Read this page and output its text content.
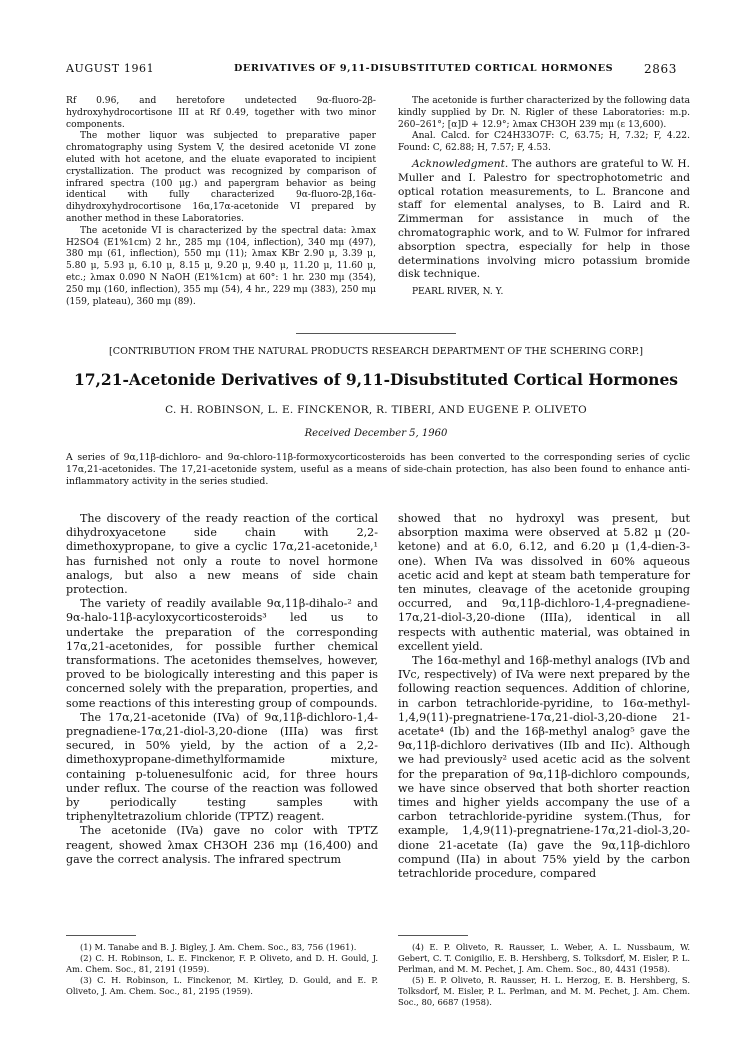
AUGUST 1961	DERIVATIVES OF 9,11-DISUBSTITUTED CORTICAL HORMONES	2863

Rf 0.96, and heretofore undetected 9α-fluoro-2β-hydroxyhydrocortisone III at Rf 0.49, together with two minor components.

The mother liquor was subjected to preparative paper chromatography using System V, the desired acetonide VI zone eluted with hot acetone, and the eluate evaporated to incipient crystallization. The product was recognized by comparison of infrared spectra (100 μg.) and papergram behavior as being identical with fully characterized 9α-fluoro-2β,16α-dihydroxyhydrocortisone 16α,17α-acetonide VI prepared by another method in these Laboratories.

The acetonide VI is characterized by the spectral data: λmax H2SO4 (E1%1cm) 2 hr., 285 mμ (104, inflection), 340 mμ (497), 380 mμ (61, inflection), 550 mμ (11); λmax KBr 2.90 μ, 3.39 μ, 5.80 μ, 5.93 μ, 6.10 μ, 8.15 μ, 9.20 μ, 9.40 μ, 11.20 μ, 11.60 μ, etc.; λmax 0.090 N NaOH (E1%1cm) at 60°: 1 hr. 230 mμ (354), 250 mμ (160, inflection), 355 mμ (54), 4 hr., 229 mμ (383), 250 mμ (159, plateau), 360 mμ (89).

The acetonide is further characterized by the following data kindly supplied by Dr. N. Rigler of these Laboratories: m.p. 260–261°; [α]D + 12.9°; λmax CH3OH 239 mμ (ε 13,600).

Anal. Calcd. for C24H33O7F: C, 63.75; H, 7.32; F, 4.22. Found: C, 62.88; H, 7.57; F, 4.53.

Acknowledgment. The authors are grateful to W. H. Muller and I. Palestro for spectrophotometric and optical rotation measurements, to L. Brancone and staff for elemental analyses, to B. Laird and R. Zimmerman for assistance in much of the chromatographic work, and to W. Fulmor for infrared absorption spectra, especially for help in those determinations involving micro potassium bromide disk technique.

PEARL RIVER, N. Y.

[CONTRIBUTION FROM THE NATURAL PRODUCTS RESEARCH DEPARTMENT OF THE SCHERING CORP.]
17,21-Acetonide Derivatives of 9,11-Disubstituted Cortical Hormones
C. H. ROBINSON, L. E. FINCKENOR, R. TIBERI, AND EUGENE P. OLIVETO
Received December 5, 1960
A series of 9α,11β-dichloro- and 9α-chloro-11β-formoxycorticosteroids has been converted to the corresponding series of cyclic 17α,21-acetonides. The 17,21-acetonide system, useful as a means of side-chain protection, has also been found to enhance anti-inflammatory activity in the series studied.

The discovery of the ready reaction of the cortical dihydroxyacetone side chain with 2,2-dimethoxypropane, to give a cyclic 17α,21-acetonide,¹ has furnished not only a route to novel hormone analogs, but also a new means of side chain protection.

The variety of readily available 9α,11β-dihalo-² and 9α-halo-11β-acyloxycorticosteroids³ led us to undertake the preparation of the corresponding 17α,21-acetonides, for possible further chemical transformations. The acetonides themselves, however, proved to be biologically interesting and this paper is concerned solely with the preparation, properties, and some reactions of this interesting group of compounds.

The 17α,21-acetonide (IVa) of 9α,11β-dichloro-1,4-pregnadiene-17α,21-diol-3,20-dione (IIIa) was first secured, in 50% yield, by the action of a 2,2-dimethoxypropane-dimethylformamide mixture, containing p-toluenesulfonic acid, for three hours under reflux. The course of the reaction was followed by periodically testing samples with triphenyltetrazolium chloride (TPTZ) reagent.

The acetonide (IVa) gave no color with TPTZ reagent, showed λmax CH3OH 236 mμ (16,400) and gave the correct analysis. The infrared spectrum

showed that no hydroxyl was present, but absorption maxima were observed at 5.82 μ (20-ketone) and at 6.0, 6.12, and 6.20 μ (1,4-dien-3-one). When IVa was dissolved in 60% aqueous acetic acid and kept at steam bath temperature for ten minutes, cleavage of the acetonide grouping occurred, and 9α,11β-dichloro-1,4-pregnadiene-17α,21-diol-3,20-dione (IIIa), identical in all respects with authentic material, was obtained in excellent yield.

The 16α-methyl and 16β-methyl analogs (IVb and IVc, respectively) of IVa were next prepared by the following reaction sequences. Addition of chlorine, in carbon tetrachloride-pyridine, to 16α-methyl-1,4,9(11)-pregnatriene-17α,21-diol-3,20-dione 21-acetate⁴ (Ib) and the 16β-methyl analog⁵ gave the 9α,11β-dichloro derivatives (IIb and IIc). Although we had previously² used acetic acid as the solvent for the preparation of 9α,11β-dichloro compounds, we have since observed that both shorter reaction times and higher yields accompany the use of a carbon tetrachloride-pyridine system.(Thus, for example, 1,4,9(11)-pregnatriene-17α,21-diol-3,20-dione 21-acetate (Ia) gave the 9α,11β-dichloro compund (IIa) in about 75% yield by the carbon tetrachloride procedure, compared

(1) M. Tanabe and B. J. Bigley, J. Am. Chem. Soc., 83, 756 (1961).

(2) C. H. Robinson, L. E. Finckenor, F. P. Oliveto, and D. H. Gould, J. Am. Chem. Soc., 81, 2191 (1959).

(3) C. H. Robinson, L. Finckenor, M. Kirtley, D. Gould, and E. P. Oliveto, J. Am. Chem. Soc., 81, 2195 (1959).

(4) E. P. Oliveto, R. Rausser, L. Weber, A. L. Nussbaum, W. Gebert, C. T. Conigilio, E. B. Hershberg, S. Tolksdorf, M. Eisler, P. L. Perlman, and M. M. Pechet, J. Am. Chem. Soc., 80, 4431 (1958).

(5) E. P. Oliveto, R. Rausser, H. L. Herzog, E. B. Hershberg, S. Tolksdorf, M. Eisler, P. L. Perlman, and M. M. Pechet, J. Am. Chem. Soc., 80, 6687 (1958).
